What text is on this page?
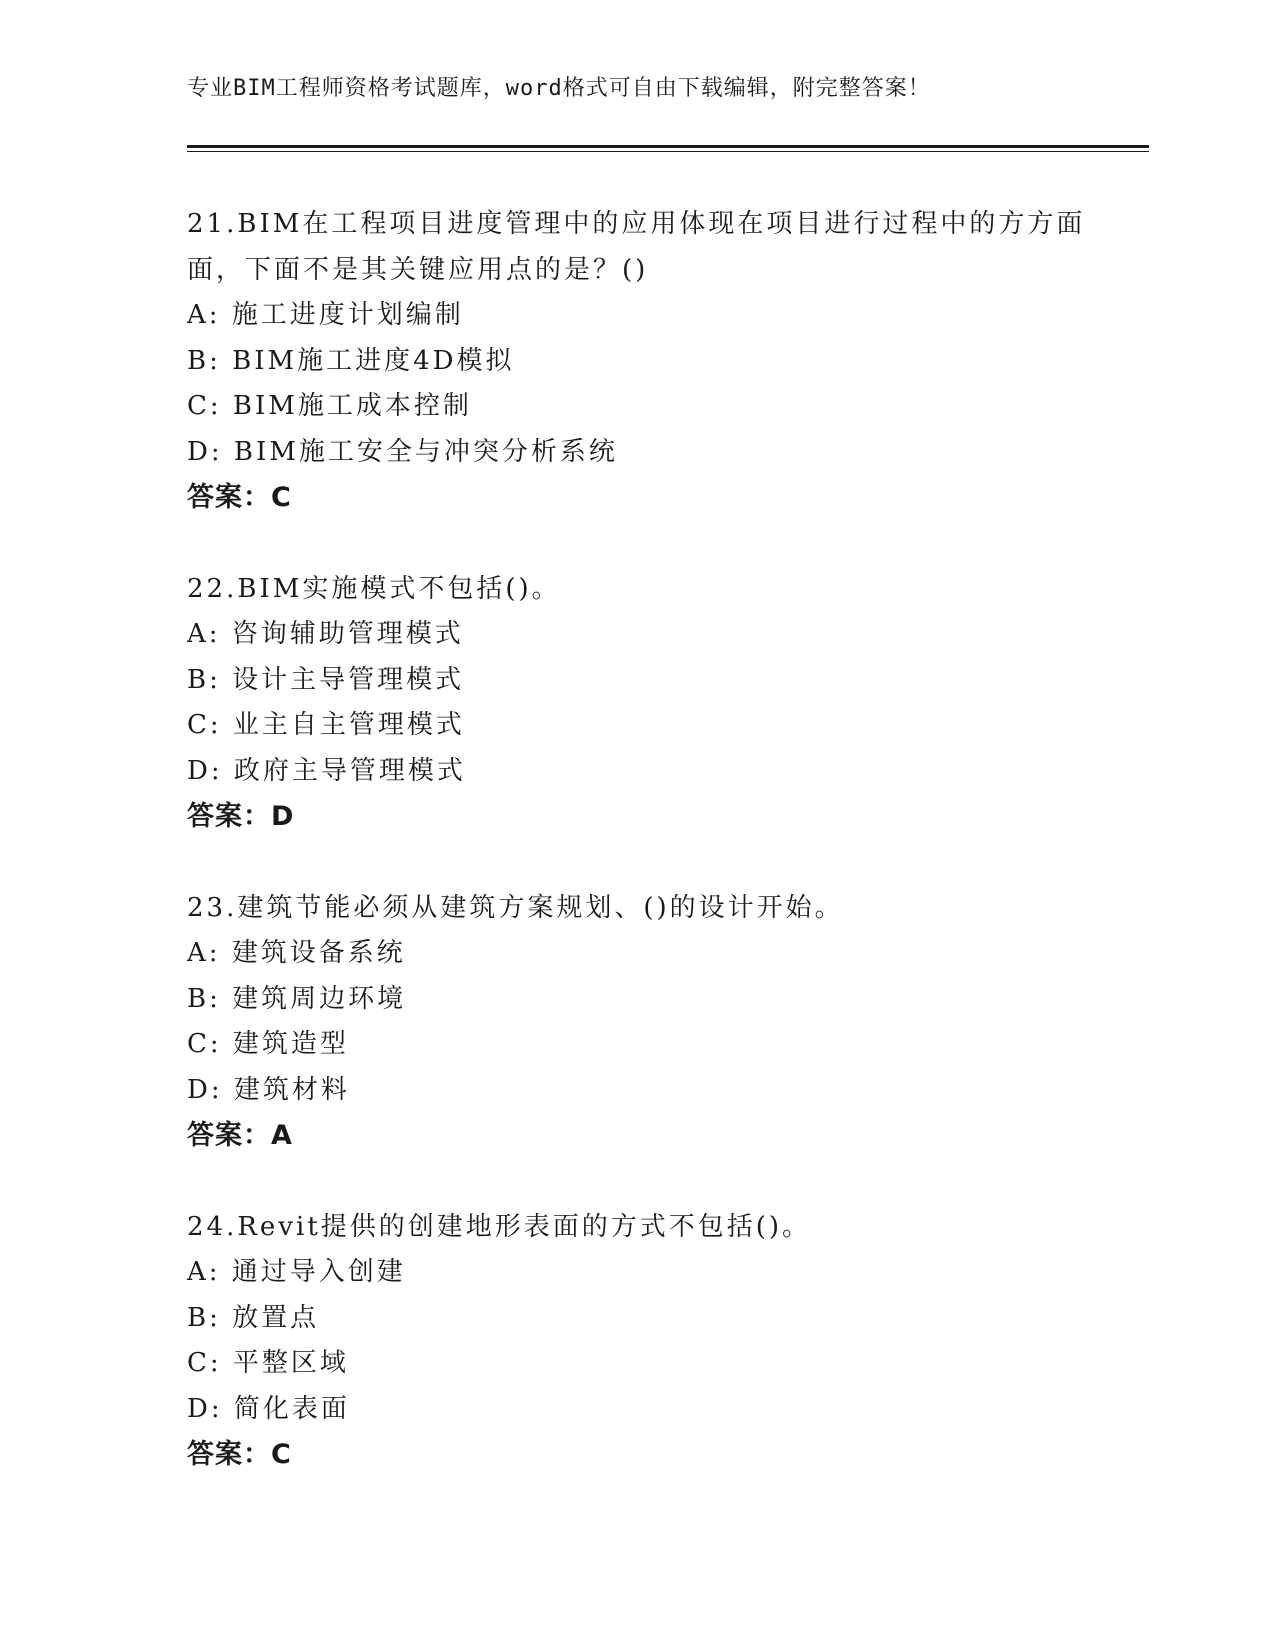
专业BIM工程师资格考试题库，word格式可自由下载编辑，附完整答案！

21.BIM在工程项目进度管理中的应用体现在项目进行过程中的方方面面，下面不是其关键应用点的是？()

A: 施工进度计划编制

B: BIM施工进度4D模拟

C: BIM施工成本控制

D: BIM施工安全与冲突分析系统

答案：C

22.BIM实施模式不包括()。

A: 咨询辅助管理模式

B: 设计主导管理模式

C: 业主自主管理模式

D: 政府主导管理模式

答案：D

23.建筑节能必须从建筑方案规划、()的设计开始。

A: 建筑设备系统

B: 建筑周边环境

C: 建筑造型

D: 建筑材料

答案：A

24.Revit提供的创建地形表面的方式不包括()。

A: 通过导入创建

B: 放置点

C: 平整区域

D: 简化表面

答案：C
